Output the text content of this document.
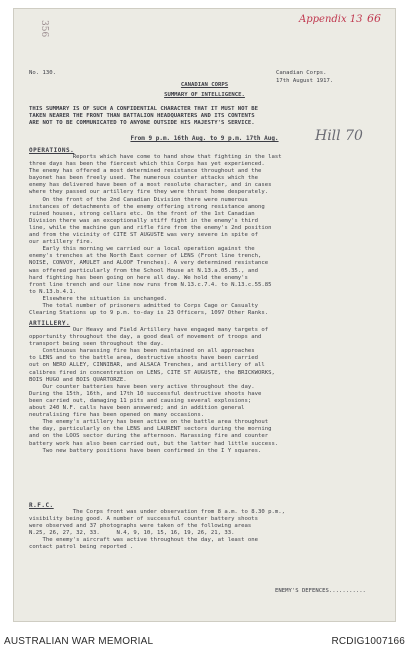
356
Appendix 13 66
No. 130.
CANADIAN CORPS
SUMMARY OF INTELLIGENCE.
Canadian Corps.
17th August 1917.
THIS SUMMARY IS OF SUCH A CONFIDENTIAL CHARACTER THAT IT MUST NOT BE
TAKEN NEARER THE FRONT THAN BATTALION HEADQUARTERS AND ITS CONTENTS
ARE NOT TO BE COMMUNICATED TO ANYONE OUTSIDE HIS MAJESTY'S SERVICE.
From 9 p.m. 16th Aug. to 9 p.m. 17th Aug.	Hill 70
OPERATIONS.
Reports which have come to hand show that fighting in the last
three days has been the fiercest which this Corps has yet experienced.
The enemy has offered a most determined resistance throughout and the
bayonet has been freely used. The numerous counter attacks which the
enemy has delivered have been of a most resolute character, and in cases
where they passed our artillery fire they were thrust home desperately.
On the front of the 2nd Canadian Division there were numerous
instances of detachments of the enemy offering strong resistance among
ruined houses, strong cellars etc. On the front of the 1st Canadian
Division there was an exceptionally stiff fight in the enemy's third
line, while the machine gun and rifle fire from the enemy's 2nd position
and from the vicinity of CITE ST AUGUSTE was very severe in spite of
our artillery fire.
Early this morning we carried our a local operation against the
enemy's trenches at the North East corner of LENS (Front line trench,
NOISE, CONVOY, AMULET and ALOOF Trenches). A very determined resistance
was offered particularly from the School House at N.13.a.05.35., and
hard fighting has been going on here all day. We hold the enemy's
front line trench and our line now runs from N.13.c.7.4. to N.13.c.55.85
to N.13.b.4.1.
Elsewhere the situation is unchanged.
The total number of prisoners admitted to Corps Cage or Casualty
Clearing Stations up to 9 p.m. to-day is 23 Officers, 1097 Other Ranks.
ARTILLERY.
Our Heavy and Field Artillery have engaged many targets of
opportunity throughout the day, a good deal of movement of troops and
transport being seen throughout the day.
Continuous harassing fire has been maintained on all approaches
to LENS and to the battle area, destructive shoots have been carried
out on NERO ALLEY, CINNIBAR, and ALSACA Trenches, and artillery of all
calibres fired in concentration on LENS, CITE ST AUGUSTE, the BRICKWORKS,
BOIS HUGO and BOIS QUARTORZE.
Our counter batteries have been very active throughout the day.
During the 15th, 16th, and 17th 10 successful destructive shoots have
been carried out, damaging 11 pits and causing several explosions;
about 240 N.F. calls have been answered; and in addition general
neutralising fire has been opened on many occasions.
The enemy's artillery has been active on the battle area throughout
the day, particularly on the LENS and LAURENT sectors during the morning
and on the LOOS sector during the afternoon. Harassing fire and counter
battery work has also been carried out, but the latter had little success.
Two new battery positions have been confirmed in the I Y squares.
R.F.C.
The Corps front was under observation from 8 a.m. to 8.30 p.m.,
visibility being good. A number of successful counter battery shoots
were observed and 37 photographs were taken of the following areas
N.25, 26, 27, 32, 33.     N.4, 9, 10, 15, 16, 19, 26, 21, 33.
The enemy's aircraft was active throughout the day, at least one
contact patrol being reported .
ENEMY'S DEFENCES...........
AUSTRALIAN WAR MEMORIAL	RCDIG1007166
